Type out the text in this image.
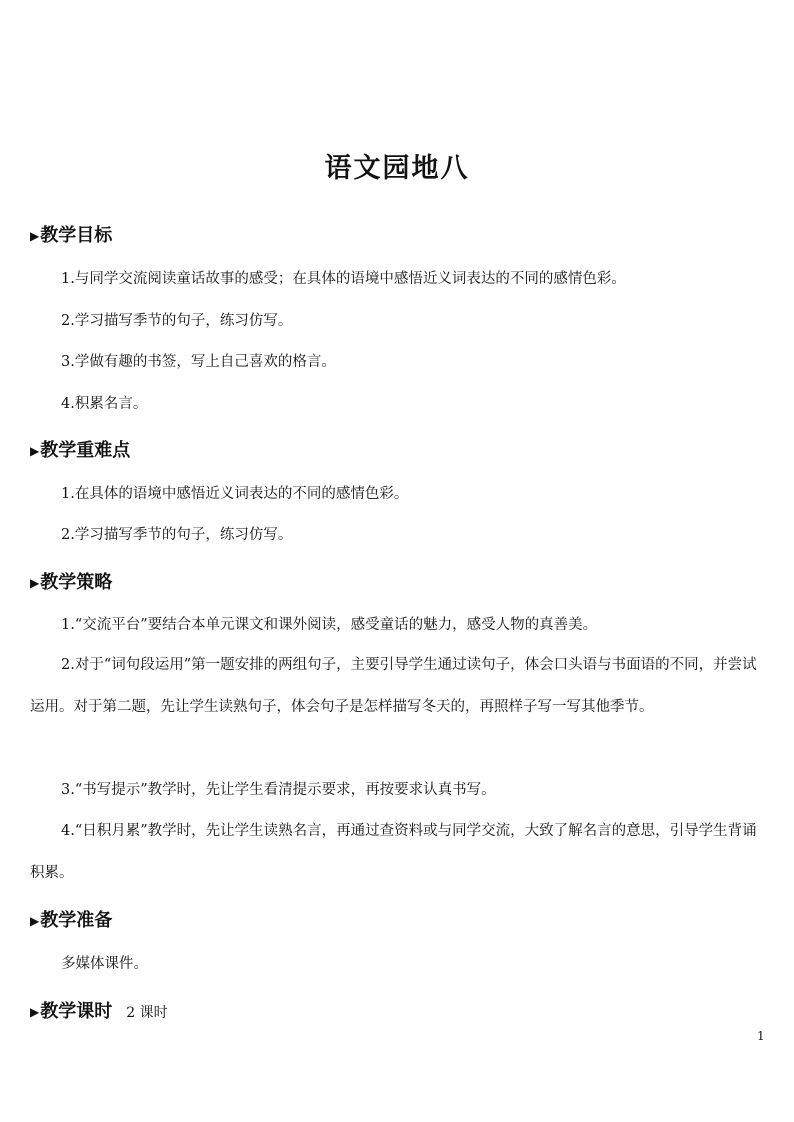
语文园地八
▶教学目标
1.与同学交流阅读童话故事的感受；在具体的语境中感悟近义词表达的不同的感情色彩。
2.学习描写季节的句子，练习仿写。
3.学做有趣的书签，写上自己喜欢的格言。
4.积累名言。
▶教学重难点
1.在具体的语境中感悟近义词表达的不同的感情色彩。
2.学习描写季节的句子，练习仿写。
▶教学策略
1.“交流平台”要结合本单元课文和课外阅读，感受童话的魅力，感受人物的真善美。
2.对于“词句段运用”第一题安排的两组句子，主要引导学生通过读句子，体会口头语与书面语的不同，并尝试运用。对于第二题，先让学生读熟句子，体会句子是怎样描写冬天的，再照样子写一写其他季节。
3.“书写提示”教学时，先让学生看清提示要求，再按要求认真书写。
4.“日积月累”教学时，先让学生读熟名言，再通过查资料或与同学交流，大致了解名言的意思，引导学生背诵积累。
▶教学准备
多媒体课件。
▶教学课时 2 课时
1
